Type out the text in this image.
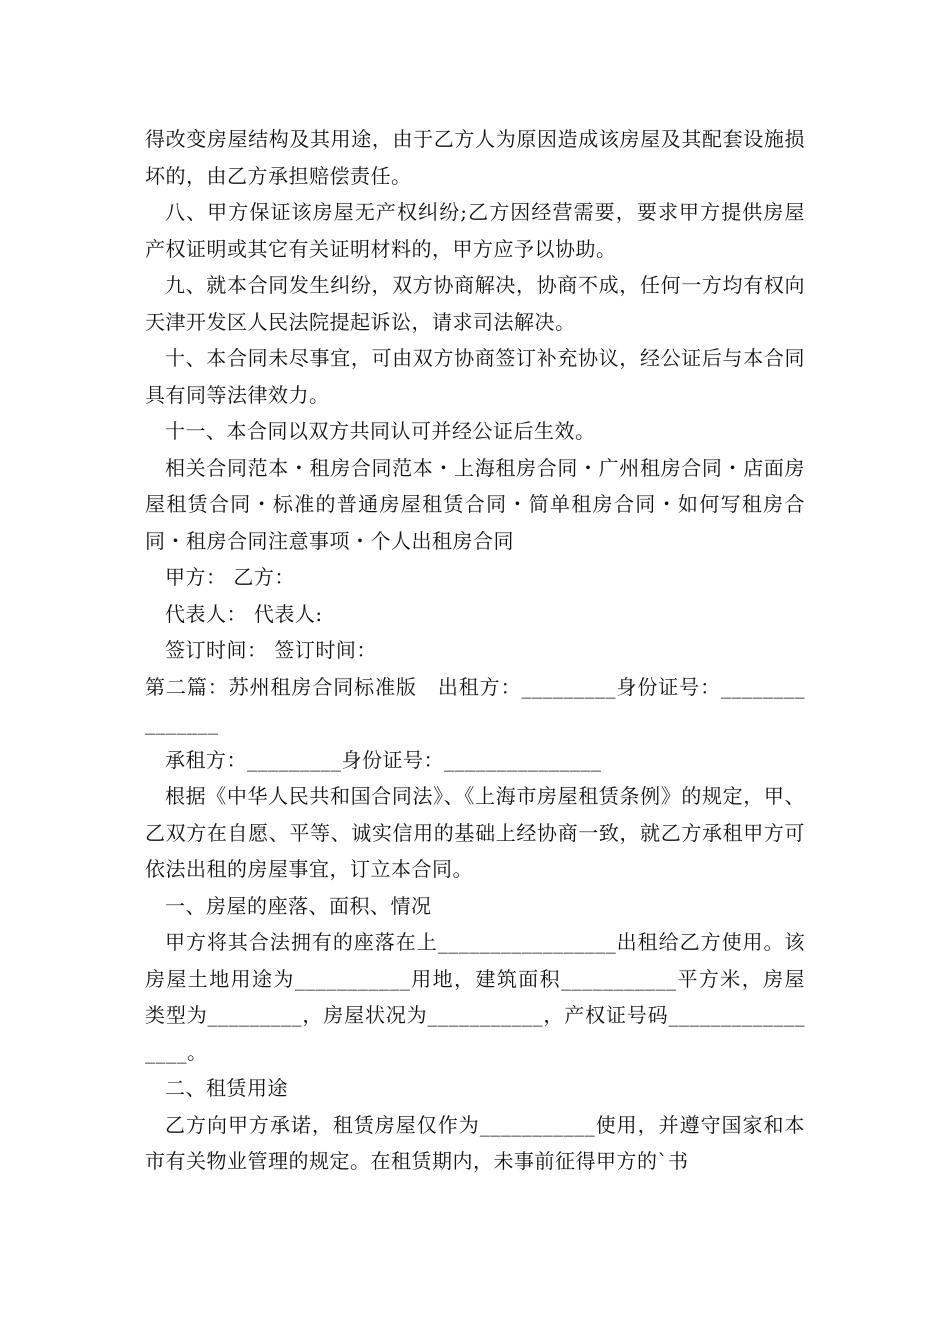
得改变房屋结构及其用途，由于乙方人为原因造成该房屋及其配套设施损坏的，由乙方承担赔偿责任。

八、甲方保证该房屋无产权纠纷;乙方因经营需要，要求甲方提供房屋产权证明或其它有关证明材料的，甲方应予以协助。

九、就本合同发生纠纷，双方协商解决，协商不成，任何一方均有权向天津开发区人民法院提起诉讼，请求司法解决。

十、本合同未尽事宜，可由双方协商签订补充协议，经公证后与本合同具有同等法律效力。

十一、本合同以双方共同认可并经公证后生效。

相关合同范本・租房合同范本・上海租房合同・广州租房合同・店面房屋租赁合同・标准的普通房屋租赁合同・简单租房合同・如何写租房合同・租房合同注意事项・个人出租房合同

甲方： 乙方：

代表人： 代表人:

签订时间： 签订时间：

第二篇：苏州租房合同标准版　出租方：_________身份证号：_______________

承租方：_________身份证号：_______________

根据《中华人民共和国合同法》、《上海市房屋租赁条例》的规定，甲、乙双方在自愿、平等、诚实信用的基础上经协商一致，就乙方承租甲方可依法出租的房屋事宜，订立本合同。

一、房屋的座落、面积、情况

甲方将其合法拥有的座落在上_________________出租给乙方使用。该房屋土地用途为___________用地，建筑面积___________平方米，房屋类型为_________，房屋状况为___________，产权证号码_________________。

二、租赁用途

乙方向甲方承诺，租赁房屋仅作为___________使用，并遵守国家和本市有关物业管理的规定。在租赁期内，未事前征得甲方的`书
